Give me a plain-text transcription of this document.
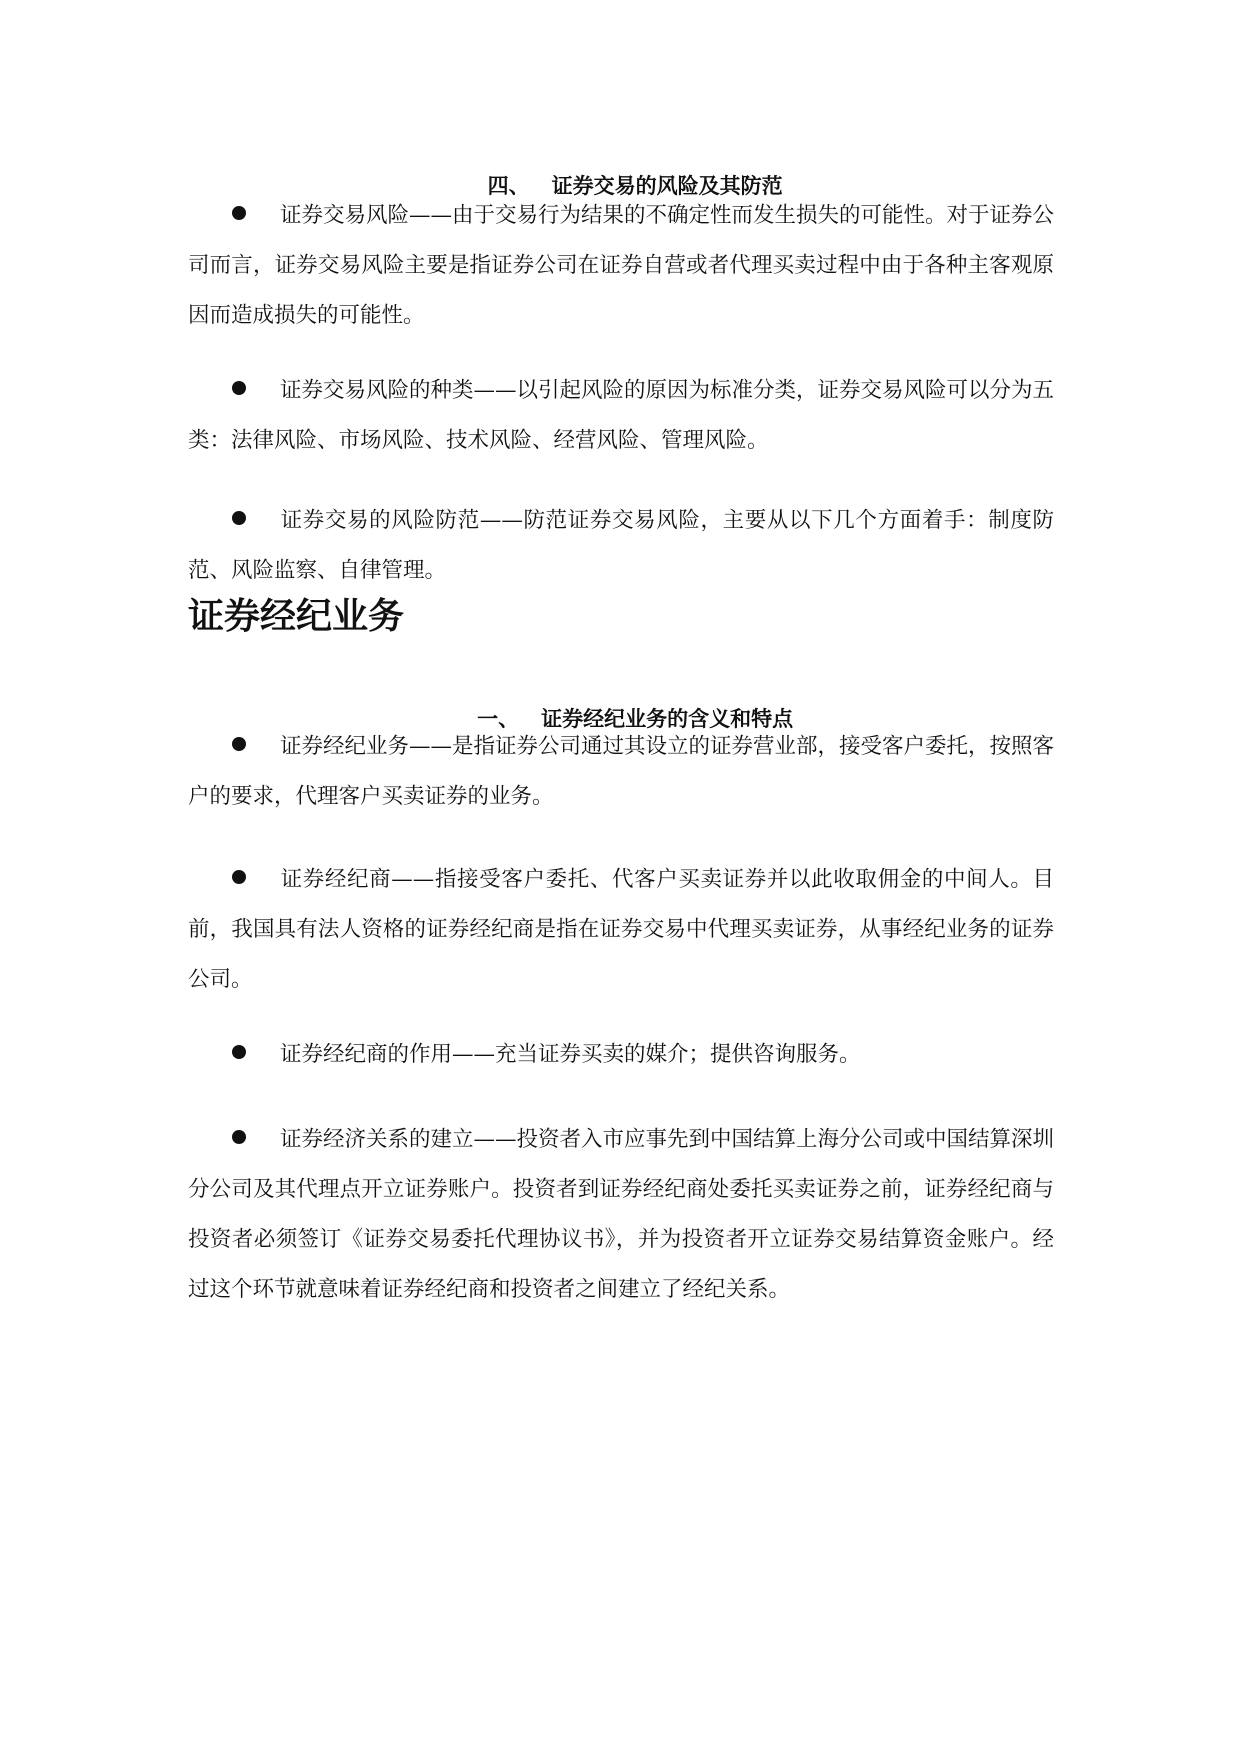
四、 证券交易的风险及其防范

证券交易风险——由于交易行为结果的不确定性而发生损失的可能性。对于证券公司而言，证券交易风险主要是指证券公司在证券自营或者代理买卖过程中由于各种主客观原因而造成损失的可能性。

证券交易风险的种类——以引起风险的原因为标准分类，证券交易风险可以分为五类：法律风险、市场风险、技术风险、经营风险、管理风险。

证券交易的风险防范——防范证券交易风险，主要从以下几个方面着手：制度防范、风险监察、自律管理。

证券经纪业务

一、 证券经纪业务的含义和特点

证券经纪业务——是指证券公司通过其设立的证券营业部，接受客户委托，按照客户的要求，代理客户买卖证券的业务。

证券经纪商——指接受客户委托、代客户买卖证券并以此收取佣金的中间人。目前，我国具有法人资格的证券经纪商是指在证券交易中代理买卖证券，从事经纪业务的证券公司。

证券经纪商的作用——充当证券买卖的媒介；提供咨询服务。

证券经济关系的建立——投资者入市应事先到中国结算上海分公司或中国结算深圳分公司及其代理点开立证券账户。投资者到证券经纪商处委托买卖证券之前，证券经纪商与投资者必须签订《证券交易委托代理协议书》，并为投资者开立证券交易结算资金账户。经过这个环节就意味着证券经纪商和投资者之间建立了经纪关系。
